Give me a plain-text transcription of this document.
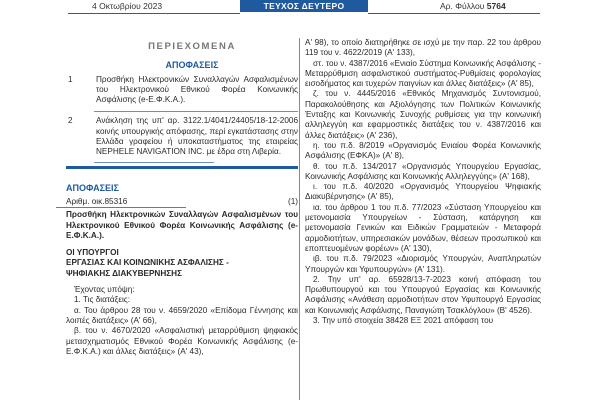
4 Οκτωβρίου 2023	ΤΕΥΧΟΣ ΔΕΥΤΕΡΟ	Αρ. Φύλλου 5764
ΠΕΡΙΕΧΟΜΕΝΑ
ΑΠΟΦΑΣΕΙΣ
1	Προσθήκη Ηλεκτρονικών Συναλλαγών Ασφαλισμένων του Ηλεκτρονικού Εθνικού Φορέα Κοινωνικής Ασφάλισης (e-Ε.Φ.Κ.Α.).
2	Ανάκληση της υπ' αρ. 3122.1/4041/24405/18-12-2006 κοινής υπουργικής απόφασης, περί εγκατάστασης στην Ελλάδα γραφείου ή υποκαταστήματος της εταιρείας NEPHELE NAVIGATION INC. με έδρα στη Λιβερία.
ΑΠΟΦΑΣΕΙΣ
Αριθμ. οικ.85316	(1)
Προσθήκη Ηλεκτρονικών Συναλλαγών Ασφαλισμένων του Ηλεκτρονικού Εθνικού Φορέα Κοινωνικής Ασφάλισης (e-Ε.Φ.Κ.Α.).
ΟΙ ΥΠΟΥΡΓΟΙ
ΕΡΓΑΣΙΑΣ ΚΑΙ ΚΟΙΝΩΝΙΚΗΣ ΑΣΦΑΛΙΣΗΣ -
ΨΗΦΙΑΚΗΣ ΔΙΑΚΥΒΕΡΝΗΣΗΣ
Έχοντας υπόψη:
1. Τις διατάξεις:
α. Του άρθρου 28 του ν. 4659/2020 «Επίδομα Γέννησης και λοιπές διατάξεις» (Α' 66),
β. του ν. 4670/2020 «Ασφαλιστική μεταρρύθμιση ψηφιακός μετασχηματισμός Εθνικού Φορέα Κοινωνικής Ασφάλισης (e-Ε.Φ.Κ.Α.) και άλλες διατάξεις» (Α' 43),
Α' 98), το οποίο διατηρήθηκε σε ισχύ με την παρ. 22 του άρθρου 119 του ν. 4622/2019 (Α' 133),
στ. του ν. 4387/2016 «Ενιαίο Σύστημα Κοινωνικής Ασφάλισης - Μεταρρύθμιση ασφαλιστικού συστήματος-Ρυθμίσεις φορολογίας εισοδήματος και τυχερών παιγνίων και άλλες διατάξεις» (Α' 85),
ζ. του ν. 4445/2016 «Εθνικός Μηχανισμός Συντονισμού, Παρακολούθησης και Αξιολόγησης των Πολιτικών Κοινωνικής Ένταξης και Κοινωνικής Συνοχής ρυθμίσεις για την κοινωνική αλληλεγγύη και εφαρμοστικές διατάξεις του ν. 4387/2016 και άλλες διατάξεις» (Α' 236),
η. του π.δ. 8/2019 «Οργανισμός Ενιαίου Φορέα Κοινωνικής Ασφάλισης (ΕΦΚΑ)» (Α' 8),
θ. του π.δ. 134/2017 «Οργανισμός Υπουργείου Εργασίας, Κοινωνικής Ασφάλισης και Κοινωνικής Αλληλεγγύης» (Α' 168),
ι. του π.δ. 40/2020 «Οργανισμός Υπουργείου Ψηφιακής Διακυβέρνησης» (Α' 85),
ια. του άρθρου 1 του π.δ. 77/2023 «Σύσταση Υπουργείου και μετονομασία Υπουργείων - Σύσταση, κατάργηση και μετονομασία Γενικών και Ειδικών Γραμματειών - Μεταφορά αρμοδιοτήτων, υπηρεσιακών μονάδων, θέσεων προσωπικού και εποπτευομένων φορέων» (Α' 130),
ιβ. του π.δ. 79/2023 «Διορισμός Υπουργών, Αναπληρωτών Υπουργών και Υφυπουργών» (Α' 131).
2. Την υπ' αρ. 65928/13-7-2023 κοινή απόφαση του Πρωθυπουργού και του Υπουργού Εργασίας και Κοινωνικής Ασφάλισης «Ανάθεση αρμοδιοτήτων στον Υφυπουργό Εργασίας και Κοινωνικής Ασφάλισης, Παναγιώτη Τσακλόγλου» (Β' 4526).
3. Την υπό στοιχεία 38428 ΕΞ 2021 απόφαση του
